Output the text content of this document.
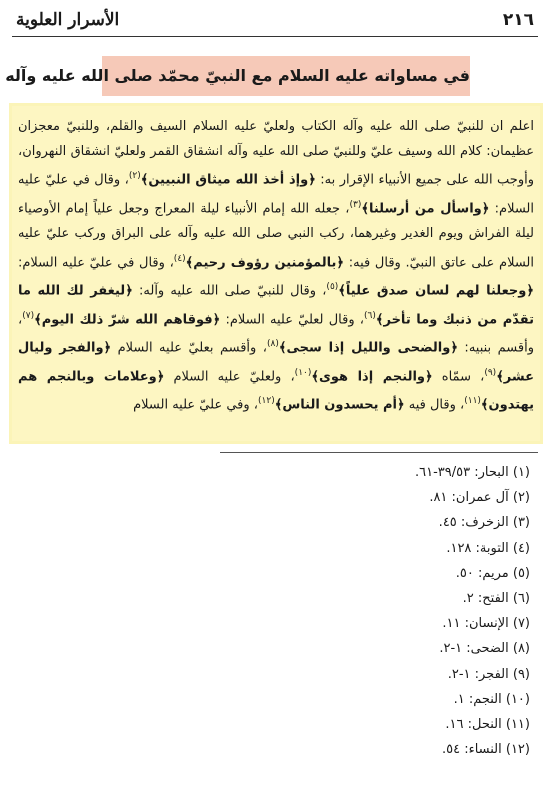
٢١٦
الأسرار العلوية
في مساواته عليه السلام مع النبيّ محمّد صلى الله عليه وآله
اعلم ان للنبيّ صلى الله عليه وآله الكتاب ولعليّ عليه السلام السيف والقلم، وللنبيّ معجزان عظيمان: كلام الله وسيف عليّ وللنبيّ صلى الله عليه وآله انشقاق القمر ولعليّ انشقاق النهروان، وأوجب الله على جميع الأنبياء الإقرار به: ﴿وإذ أخذ الله ميثاق النبيين﴾$^{(٢)}$، وقال في عليّ عليه السلام: ﴿واسأل من أرسلنا﴾$^{(٣)}$، جعله الله إمام الأنبياء ليلة المعراج وجعل علياً إمام الأوصياء ليلة الفراش ويوم الغدير وغيرهما، ركب النبي صلى الله عليه وآله على البراق وركب عليّ عليه السلام على عاتق النبيّ. وقال فيه: ﴿بالمؤمنين رؤوف رحيم﴾$^{(٤)}$، وقال في عليّ عليه السلام: ﴿وجعلنا لهم لسان صدق علياً﴾$^{(٥)}$، وقال للنبيّ صلى الله عليه وآله: ﴿ليغفر لك الله ما تقدّم من ذنبك وما تأخر﴾$^{(٦)}$، وقال لعليّ عليه السلام: ﴿فوقاهم الله شرّ ذلك اليوم﴾$^{(٧)}$، وأقسم بنبيه: ﴿والضحى والليل إذا سجى﴾$^{(٨)}$، وأقسم بعليّ عليه السلام ﴿والفجر وليال عشر﴾$^{(٩)}$، سمّاه ﴿والنجم إذا هوى﴾$^{(١٠)}$، ولعليّ عليه السلام ﴿وعلامات وبالنجم هم يهتدون﴾$^{(١١)}$، وقال فيه ﴿أم يحسدون الناس﴾$^{(١٢)}$، وفي عليّ عليه السلام
(١) البحار: ٣٩/٥٣-٦١.
(٢) آل عمران: ٨١.
(٣) الزخرف: ٤٥.
(٤) التوبة: ١٢٨.
(٥) مريم: ٥٠.
(٦) الفتح: ٢.
(٧) الإنسان: ١١.
(٨) الضحى: ١-٢.
(٩) الفجر: ١-٢.
(١٠) النجم: ١.
(١١) النحل: ١٦.
(١٢) النساء: ٥٤.
